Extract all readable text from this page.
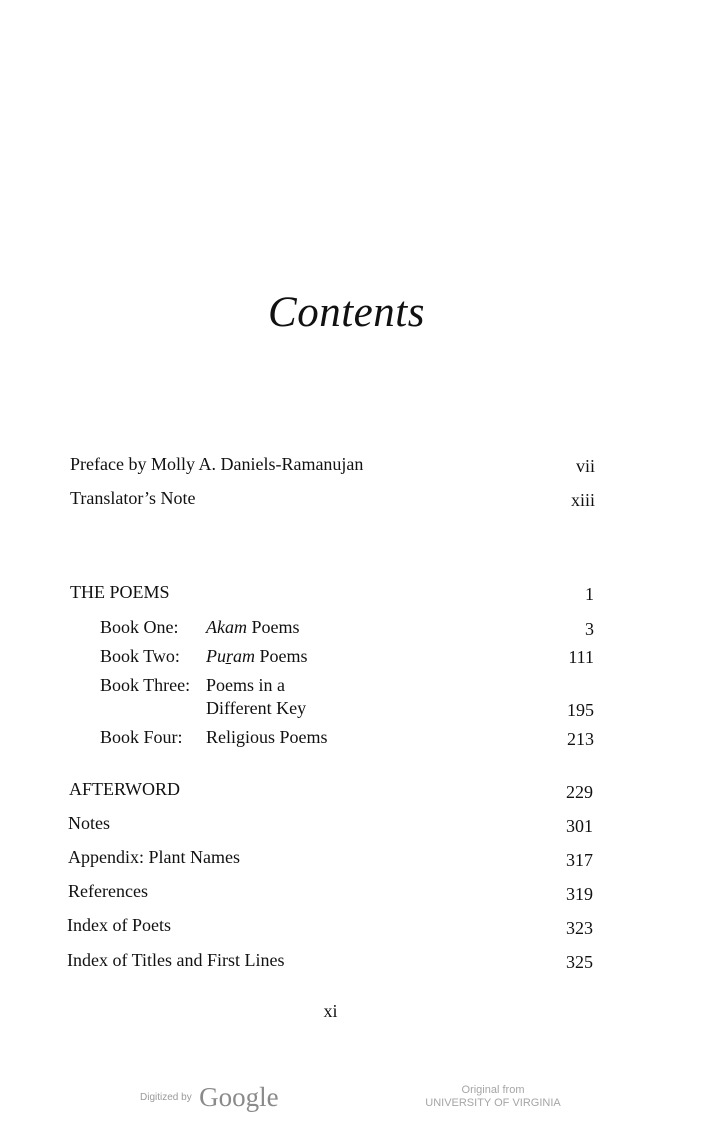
Contents
Preface by Molly A. Daniels-Ramanujan	vii
Translator’s Note	xiii
THE POEMS	1
Book One: Akam Poems	3
Book Two: Puṟam Poems	111
Book Three: Poems in a
Different Key	195
Book Four: Religious Poems	213
AFTERWORD	229
Notes	301
Appendix: Plant Names	317
References	319
Index of Poets	323
Index of Titles and First Lines	325
xi
Digitized by Google	Original from
UNIVERSITY OF VIRGINIA
